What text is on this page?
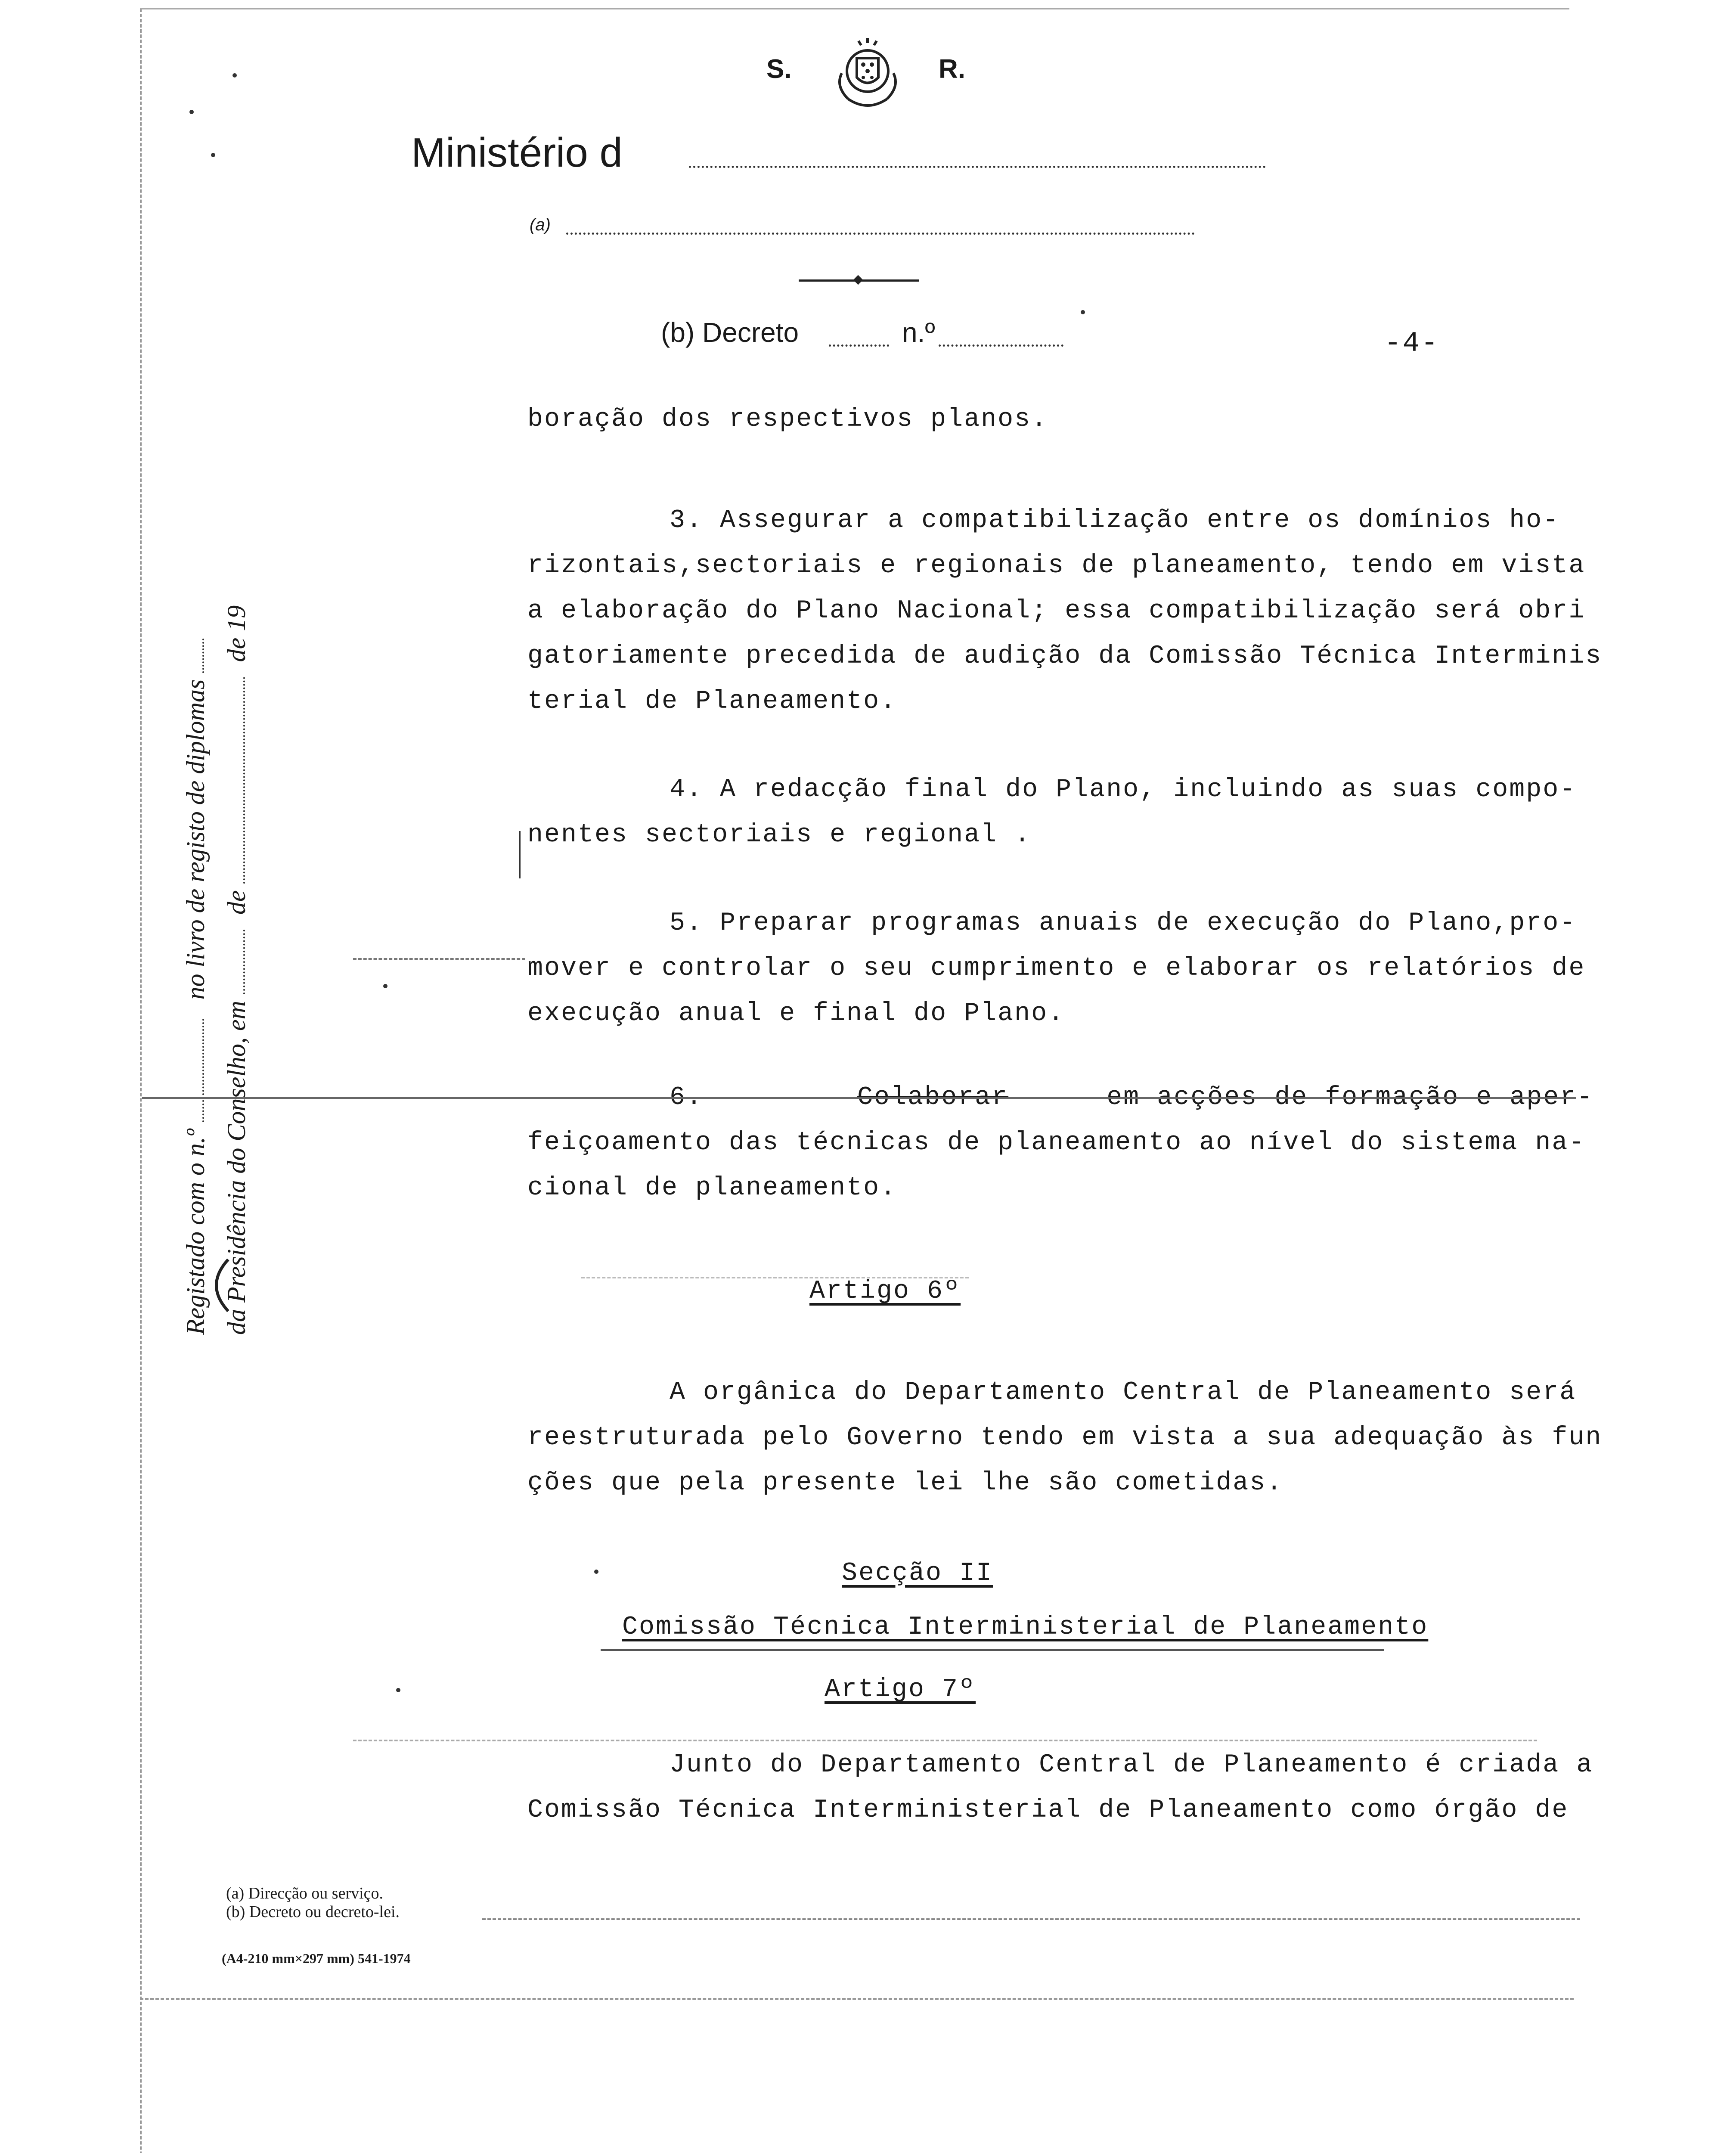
S.	R.
Ministério d
(a)
(b) Decreto	n.º	-4-
Registado com o n.º  no livro de registo de diplomas
da Presidência do Conselho, em  de  de 19
boração dos respectivos planos.
3. Assegurar a compatibilização entre os domínios ho-
rizontais,sectoriais e regionais de planeamento, tendo em vista
a elaboração do Plano Nacional; essa compatibilização será obri
gatoriamente precedida de audição da Comissão Técnica Interminis
terial de Planeamento.
4. A redacção final do Plano, incluindo as suas compo-
nentes sectoriais e regional .
5. Preparar programas anuais de execução do Plano,pro-
mover e controlar o seu cumprimento e elaborar os relatórios de
execução anual e final do Plano.
6.	Colaborar	em acções de formação e aper-
feiçoamento das técnicas de planeamento ao nível do sistema na-
cional de planeamento.
Artigo 6º
A orgânica do Departamento Central de Planeamento será
reestruturada pelo Governo tendo em vista a sua adequação às fun
ções que pela presente lei lhe são cometidas.
Secção II
Comissão Técnica Interministerial de Planeamento
Artigo 7º
Junto do Departamento Central de Planeamento é criada a
Comissão Técnica Interministerial de Planeamento como órgão de
(a) Direcção ou serviço.
(b) Decreto ou decreto-lei.
(A4-210 mm×297 mm) 541-1974
